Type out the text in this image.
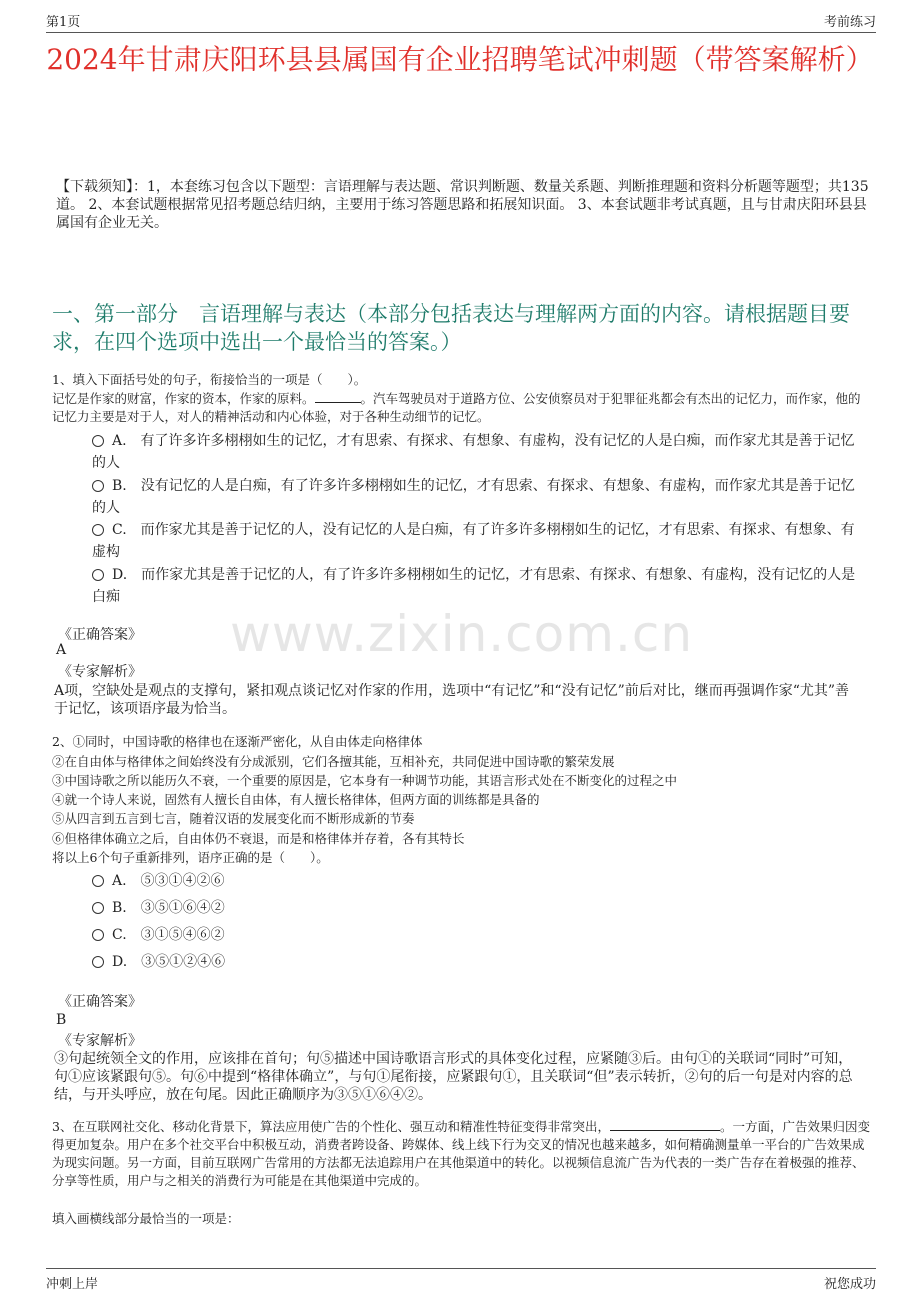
第1页	考前练习
2024年甘肃庆阳环县县属国有企业招聘笔试冲刺题（带答案解析）
【下载须知】：1，本套练习包含以下题型：言语理解与表达题、常识判断题、数量关系题、判断推理题和资料分析题等题型；共135道。 2、本套试题根据常见招考题总结归纳，主要用于练习答题思路和拓展知识面。 3、本套试题非考试真题，且与甘肃庆阳环县县属国有企业无关。
一、第一部分　言语理解与表达（本部分包括表达与理解两方面的内容。请根据题目要求，在四个选项中选出一个最恰当的答案。）
1、填入下面括号处的句子，衔接恰当的一项是（　　）。
记忆是作家的财富，作家的资本，作家的原料。	。汽车驾驶员对于道路方位、公安侦察员对于犯罪征兆都会有杰出的记忆力，而作家，他的记忆力主要是对于人，对人的精神活动和内心体验，对于各种生动细节的记忆。
A.　有了许多许多栩栩如生的记忆，才有思索、有探求、有想象、有虚构，没有记忆的人是白痴，而作家尤其是善于记忆的人
B.　没有记忆的人是白痴，有了许多许多栩栩如生的记忆，才有思索、有探求、有想象、有虚构，而作家尤其是善于记忆的人
C.　而作家尤其是善于记忆的人，没有记忆的人是白痴，有了许多许多栩栩如生的记忆，才有思索、有探求、有想象、有虚构
D.　而作家尤其是善于记忆的人，有了许多许多栩栩如生的记忆，才有思索、有探求、有想象、有虚构，没有记忆的人是白痴
www.zixin.com.cn
《正确答案》
A
《专家解析》
A项，空缺处是观点的支撑句，紧扣观点谈记忆对作家的作用，选项中“有记忆”和“没有记忆”前后对比，继而再强调作家“尤其”善于记忆，该项语序最为恰当。
2、①同时，中国诗歌的格律也在逐渐严密化，从自由体走向格律体
②在自由体与格律体之间始终没有分成派别，它们各擅其能，互相补充，共同促进中国诗歌的繁荣发展
③中国诗歌之所以能历久不衰，一个重要的原因是，它本身有一种调节功能，其语言形式处在不断变化的过程之中
④就一个诗人来说，固然有人擅长自由体，有人擅长格律体，但两方面的训练都是具备的
⑤从四言到五言到七言，随着汉语的发展变化而不断形成新的节奏
⑥但格律体确立之后，自由体仍不衰退，而是和格律体并存着，各有其特长
将以上6个句子重新排列，语序正确的是（　　）。
A.　⑤③①④②⑥
B.　③⑤①⑥④②
C.　③①⑤④⑥②
D.　③⑤①②④⑥
《正确答案》
B
《专家解析》
③句起统领全文的作用，应该排在首句；句⑤描述中国诗歌语言形式的具体变化过程，应紧随③后。由句①的关联词“同时”可知，句①应该紧跟句⑤。句⑥中提到“格律体确立”，与句①尾衔接，应紧跟句①，且关联词“但”表示转折，②句的后一句是对内容的总结，与开头呼应，放在句尾。因此正确顺序为③⑤①⑥④②。
3、在互联网社交化、移动化背景下，算法应用使广告的个性化、强互动和精准性特征变得非常突出，	。一方面，广告效果归因变得更加复杂。用户在多个社交平台中积极互动，消费者跨设备、跨媒体、线上线下行为交叉的情况也越来越多，如何精确测量单一平台的广告效果成为现实问题。另一方面，目前互联网广告常用的方法都无法追踪用户在其他渠道中的转化。以视频信息流广告为代表的一类广告存在着极强的推荐、分享等性质，用户与之相关的消费行为可能是在其他渠道中完成的。
填入画横线部分最恰当的一项是：
冲刺上岸	祝您成功
